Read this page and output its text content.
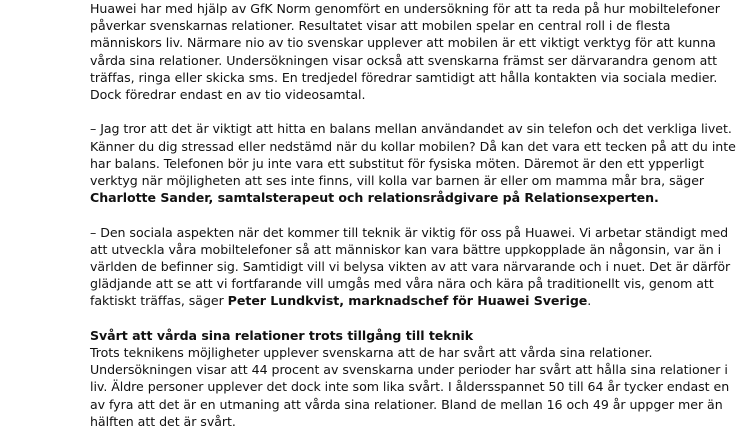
Huawei har med hjälp av GfK Norm genomfört en undersökning för att ta reda på hur mobiltelefoner påverkar svenskarnas relationer. Resultatet visar att mobilen spelar en central roll i de flesta människors liv. Närmare nio av tio svenskar upplever att mobilen är ett viktigt verktyg för att kunna vårda sina relationer. Undersökningen visar också att svenskarna främst ser därvarandra genom att träffas, ringa eller skicka sms. En tredjedel föredrar samtidigt att hålla kontakten via sociala medier. Dock föredrar endast en av tio videosamtal.

– Jag tror att det är viktigt att hitta en balans mellan användandet av sin telefon och det verkliga livet. Känner du dig stressad eller nedstämd när du kollar mobilen? Då kan det vara ett tecken på att du inte har balans. Telefonen bör ju inte vara ett substitut för fysiska möten. Däremot är den ett ypperligt verktyg när möjligheten att ses inte finns, vill kolla var barnen är eller om mamma mår bra, säger Charlotte Sander, samtalsterapeut och relationsrådgivare på Relationsexperten.

– Den sociala aspekten när det kommer till teknik är viktig för oss på Huawei. Vi arbetar ständigt med att utveckla våra mobiltelefoner så att människor kan vara bättre uppkopplade än någonsin, var än i världen de befinner sig. Samtidigt vill vi belysa vikten av att vara närvarande och i nuet. Det är därför glädjande att se att vi fortfarande vill umgås med våra nära och kära på traditionellt vis, genom att faktiskt träffas, säger Peter Lundkvist, marknadschef för Huawei Sverige.

Svårt att vårda sina relationer trots tillgång till teknik

Trots teknikens möjligheter upplever svenskarna att de har svårt att vårda sina relationer. Undersökningen visar att 44 procent av svenskarna under perioder har svårt att hålla sina relationer i liv. Äldre personer upplever det dock inte som lika svårt. I åldersspannet 50 till 64 år tycker endast en av fyra att det är en utmaning att vårda sina relationer. Bland de mellan 16 och 49 år uppger mer än hälften att det är svårt.
